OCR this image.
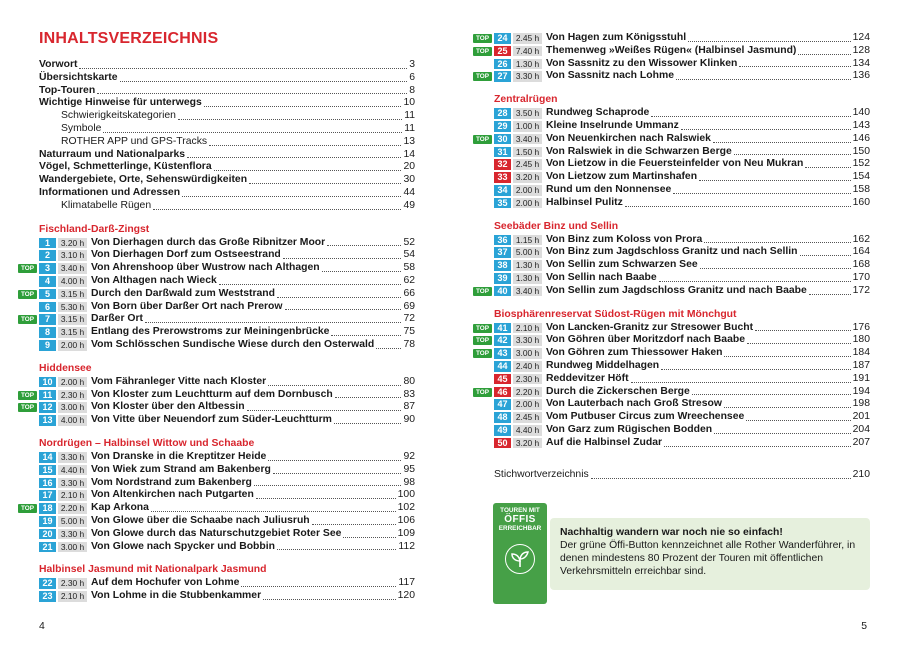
INHALTSVERZEICHNIS
Vorwort	3
Übersichtskarte	6
Top-Touren	8
Wichtige Hinweise für unterwegs	10
Schwierigkeitskategorien	11
Symbole	11
ROTHER APP und GPS-Tracks	13
Naturraum und Nationalparks	14
Vögel, Schmetterlinge, Küstenflora	20
Wandergebiete, Orte, Sehenswürdigkeiten	30
Informationen und Adressen	44
Klimatabelle Rügen	49
Fischland-Darß-Zingst
1	3.20 h Von Dierhagen durch das Große Ribnitzer Moor	52
2	3.10 h Von Dierhagen Dorf zum Ostseestrand	54
TOP	3	3.40 h Von Ahrenshoop über Wustrow nach Althagen	58
4	4.00 h Von Althagen nach Wieck	62
TOP	5	3.15 h Durch den Darßwald zum Weststrand	66
6	5.30 h Von Born über Darßer Ort nach Prerow	69
TOP	7	3.15 h Darßer Ort	72
8	3.15 h Entlang des Prerowstroms zur Meiningenbrücke	75
9	2.00 h Vom Schlösschen Sundische Wiese durch den Osterwald	78
Hiddensee
10 2.00 h Vom Fähranleger Vitte nach Kloster	80
TOP 11	2.30 h Von Kloster zum Leuchtturm auf dem Dornbusch	83
TOP 12 3.00 h Von Kloster über den Altbessin	87
13 4.00 h Von Vitte über Neuendorf zum Süder-Leuchtturm	90
Nordrügen – Halbinsel Wittow und Schaabe
14 3.30 h Von Dranske in die Kreptitzer Heide	92
15 4.40 h Von Wiek zum Strand am Bakenberg	95
16 3.30 h Vom Nordstrand zum Bakenberg	98
17 2.10 h Von Altenkirchen nach Putgarten	100
TOP 18 2.20 h Kap Arkona	102
19 5.00 h Von Glowe über die Schaabe nach Juliusruh	106
20 3.30 h Von Glowe durch das Naturschutzgebiet Roter See	109
21 3.00 h Von Glowe nach Spycker und Bobbin	112
Halbinsel Jasmund mit Nationalpark Jasmund
22 2.30 h Auf dem Hochufer von Lohme	117
23 2.10 h Von Lohme in die Stubbenkammer	120
4
TOP 24 2.45 h Von Hagen zum Königsstuhl	124
TOP 25 7.40 h Themenweg »Weißes Rügen« (Halbinsel Jasmund)	128
26 1.30 h Von Sassnitz zu den Wissower Klinken	134
TOP 27 3.30 h Von Sassnitz nach Lohme	136
Zentralrügen
28 3.50 h Rundweg Schaprode	140
29 1.00 h Kleine Inselrunde Ummanz	143
TOP 30 3.40 h Von Neuenkirchen nach Ralswiek	146
31 1.50 h Von Ralswiek in die Schwarzen Berge	150
32 2.45 h Von Lietzow in die Feuersteinfelder von Neu Mukran	152
33 3.20 h Von Lietzow zum Martinshafen	154
34 2.00 h Rund um den Nonnensee	158
35 2.00 h Halbinsel Pulitz	160
Seebäder Binz und Sellin
36 1.15 h Von Binz zum Koloss von Prora	162
37 5.00 h Von Binz zum Jagdschloss Granitz und nach Sellin	164
38 1.30 h Von Sellin zum Schwarzen See	168
39 1.30 h Von Sellin nach Baabe	170
TOP 40 3.40 h Von Sellin zum Jagdschloss Granitz und nach Baabe	172
Biosphärenreservat Südost-Rügen mit Mönchgut
TOP 41 2.10 h Von Lancken-Granitz zur Stresower Bucht	176
TOP 42 3.30 h Von Göhren über Moritzdorf nach Baabe	180
TOP 43 3.00 h Von Göhren zum Thiessower Haken	184
44 2.40 h Rundweg Middelhagen	187
45 2.30 h Reddevitzer Höft	191
TOP 46 2.20 h Durch die Zickerschen Berge	194
47 2.00 h Von Lauterbach nach Groß Stresow	198
48 2.45 h Vom Putbuser Circus zum Wreechensee	201
49 4.40 h Von Garz zum Rügischen Bodden	204
50 3.20 h Auf die Halbinsel Zudar	207
Stichwortverzeichnis	210
TOUREN MIT
ÖFFIS
ERREICHBAR	Nachhaltig wandern war noch nie so einfach!
Der grüne Öffi-Button kennzeichnet alle Rother Wanderführer, in denen mindestens 80 Prozent der Touren mit öffentlichen Verkehrsmitteln erreichbar sind.
5
